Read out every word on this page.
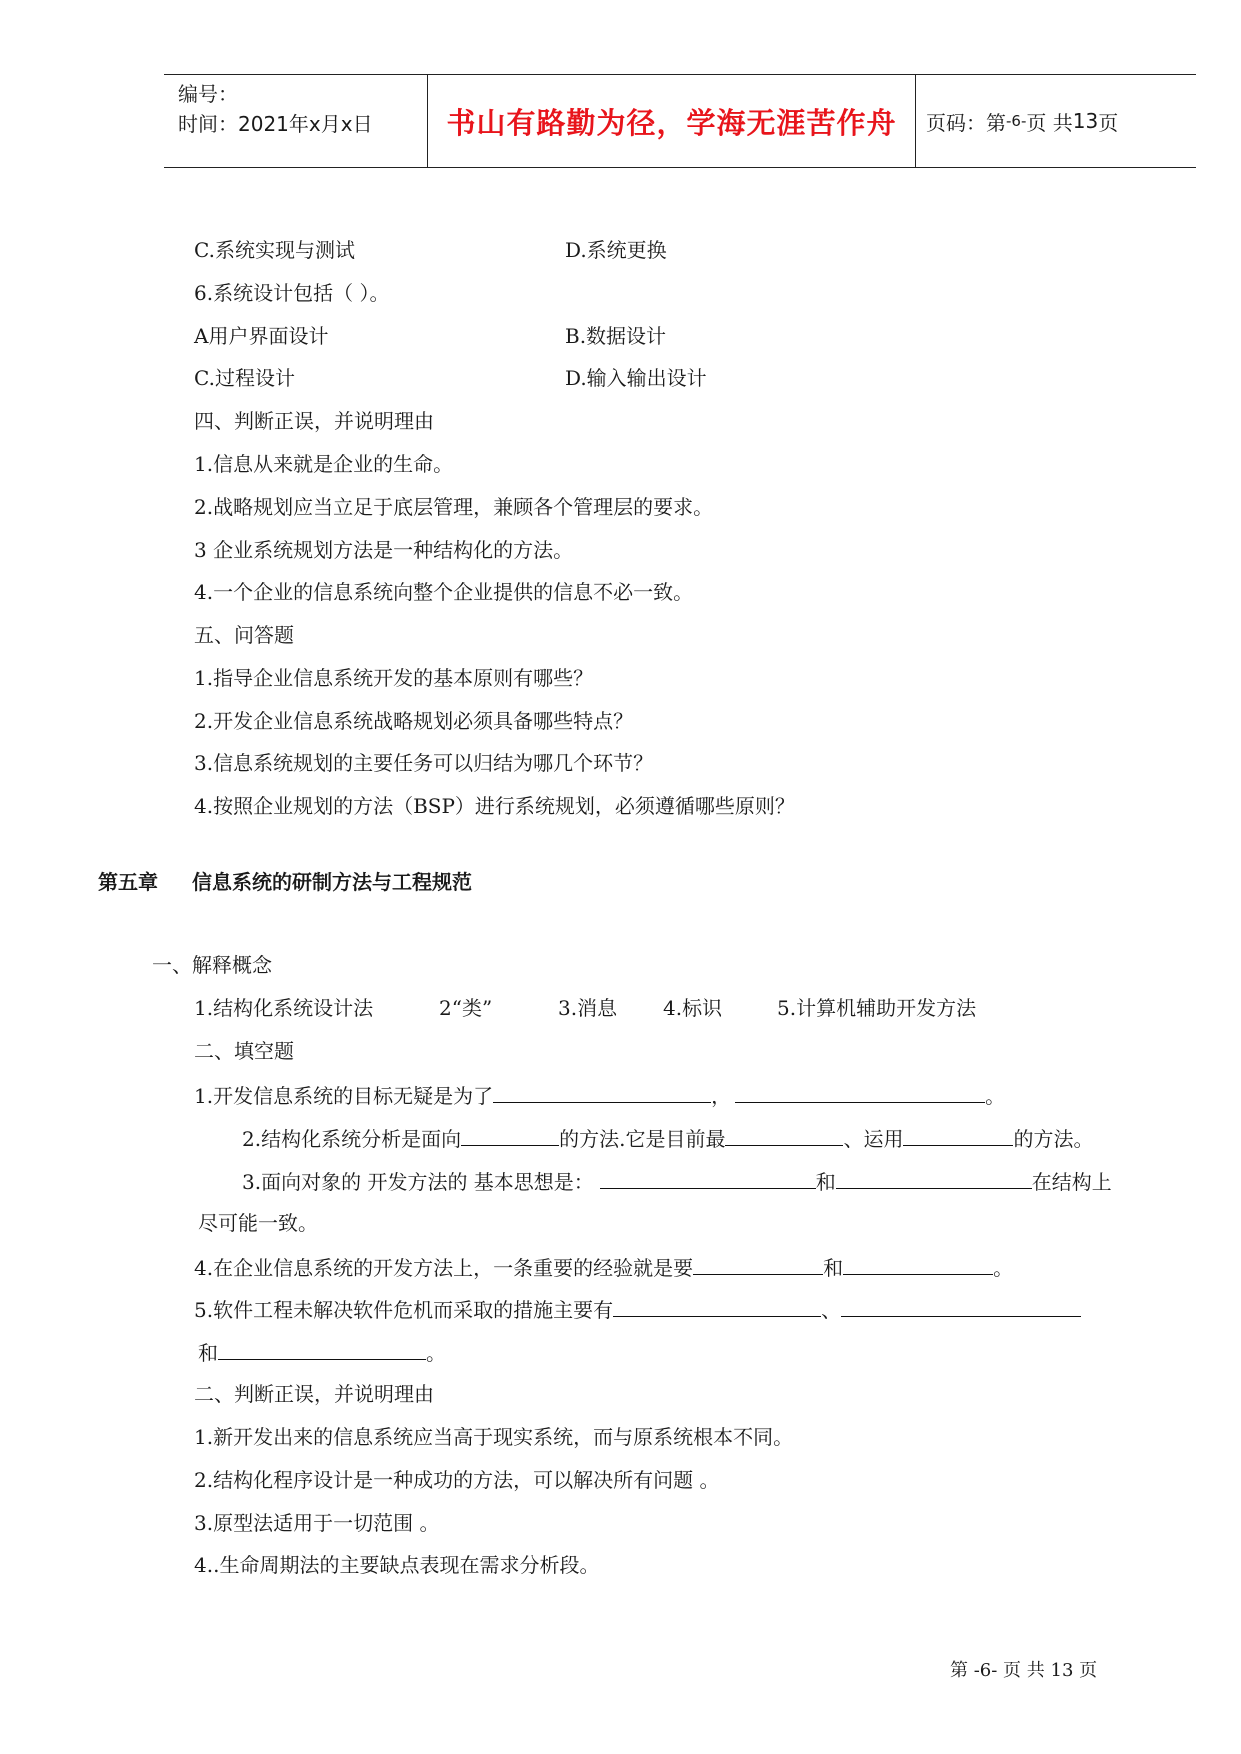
编号：
时间：2021年x月x日	书山有路勤为径，学海无涯苦作舟 页码：第 -6- 页 共 13 页
C.系统实现与测试	D.系统更换
6.系统设计包括（ ）。
A用户界面设计	B.数据设计
C.过程设计	D.输入输出设计
四、判断正误，并说明理由
1.信息从来就是企业的生命。
2.战略规划应当立足于底层管理，兼顾各个管理层的要求。
3 企业系统规划方法是一种结构化的方法。
4.一个企业的信息系统向整个企业提供的信息不必一致。
五、问答题
1.指导企业信息系统开发的基本原则有哪些？
2.开发企业信息系统战略规划必须具备哪些特点？
3.信息系统规划的主要任务可以归结为哪几个环节？
4.按照企业规划的方法（BSP）进行系统规划，必须遵循哪些原则？
第五章 信息系统的研制方法与工程规范
一、解释概念
1.结构化系统设计法	2“类”	3.消息 4.标识	5.计算机辅助开发方法
二、填空题
1.开发信息系统的目标无疑是为了	，	。
2.结构化系统分析是面向	的方法.它是目前最	、运用	的方法。
3.面向对象的 开发方法的 基本思想是：	和	在结构上
尽可能一致。
4.在企业信息系统的开发方法上，一条重要的经验就是要	和	。
5.软件工程未解决软件危机而采取的措施主要有	、
和	。
二、判断正误，并说明理由
1.新开发出来的信息系统应当高于现实系统，而与原系统根本不同。
2.结构化程序设计是一种成功的方法，可以解决所有问题 。
3.原型法适用于一切范围 。
4..生命周期法的主要缺点表现在需求分析段。
第 -6- 页 共 13 页
